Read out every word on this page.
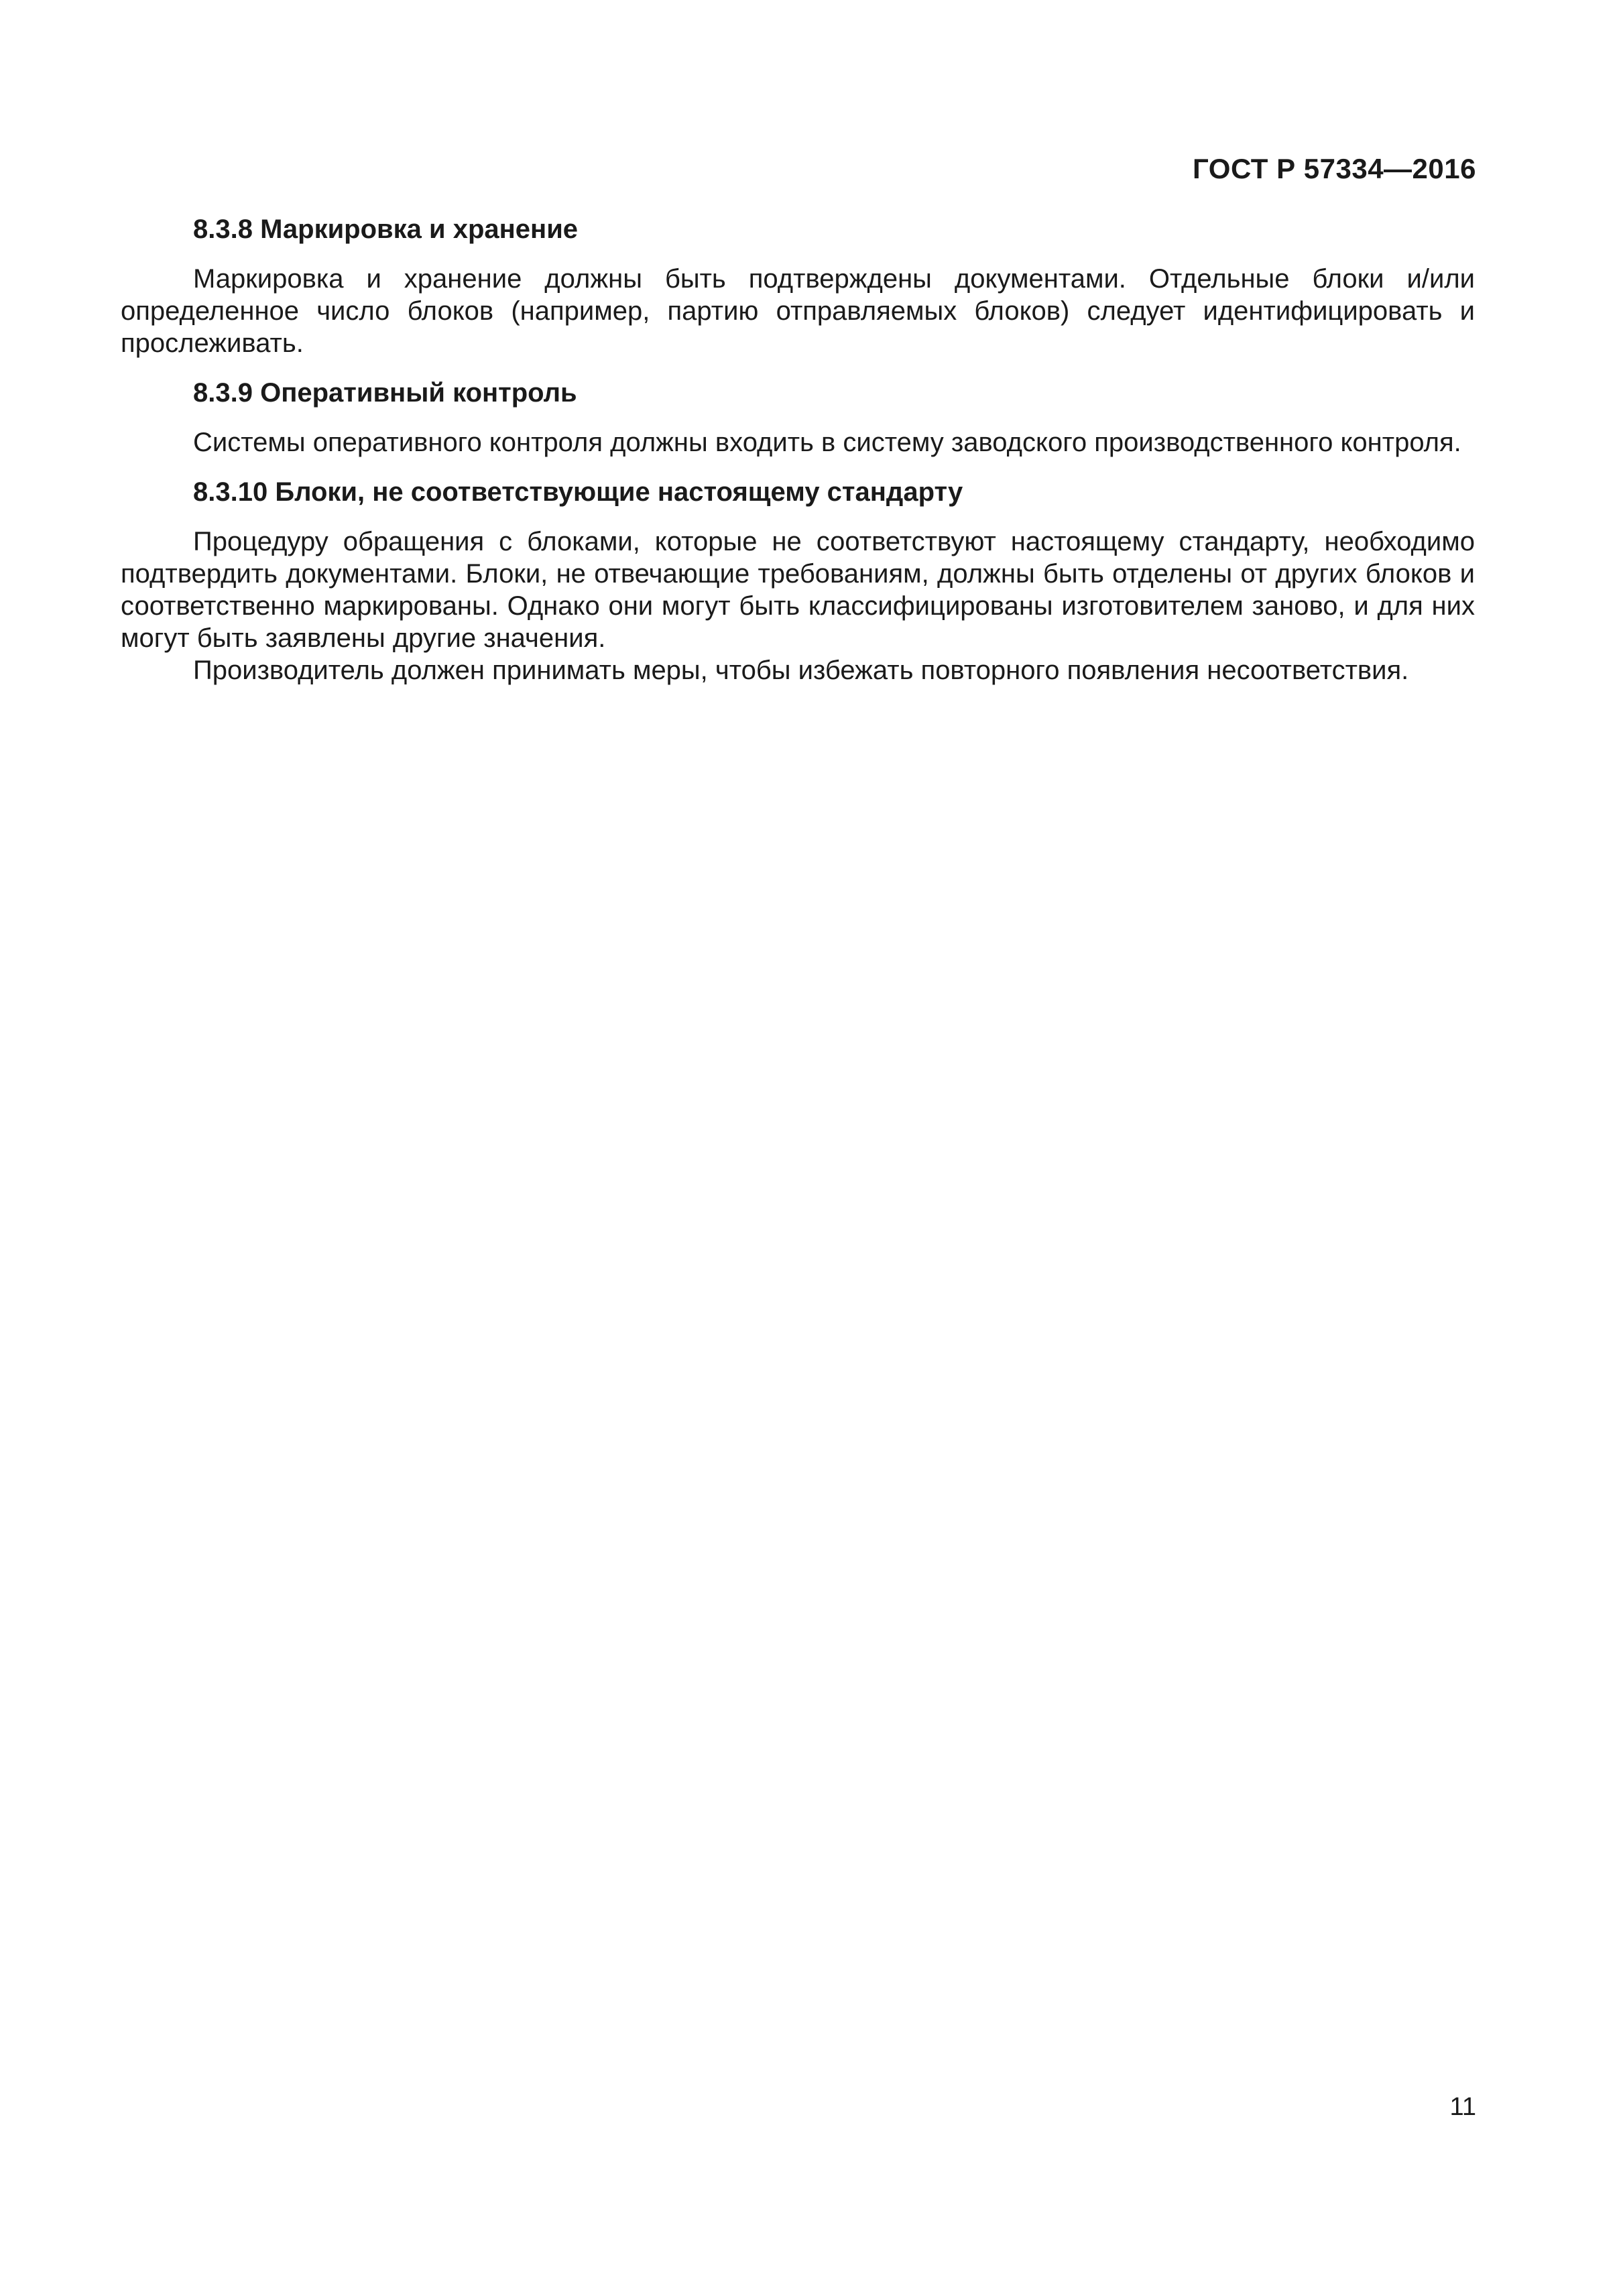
ГОСТ Р 57334—2016

8.3.8 Маркировка и хранение

Маркировка и хранение должны быть подтверждены документами. Отдельные блоки и/или определенное число блоков (например, партию отправляемых блоков) следует идентифицировать и прослеживать.

8.3.9 Оперативный контроль

Системы оперативного контроля должны входить в систему заводского производственного контроля.

8.3.10 Блоки, не соответствующие настоящему стандарту

Процедуру обращения с блоками, которые не соответствуют настоящему стандарту, необходимо подтвердить документами. Блоки, не отвечающие требованиям, должны быть отделены от других блоков и соответственно маркированы. Однако они могут быть классифицированы изготовителем заново, и для них могут быть заявлены другие значения.

Производитель должен принимать меры, чтобы избежать повторного появления несоответствия.

11
